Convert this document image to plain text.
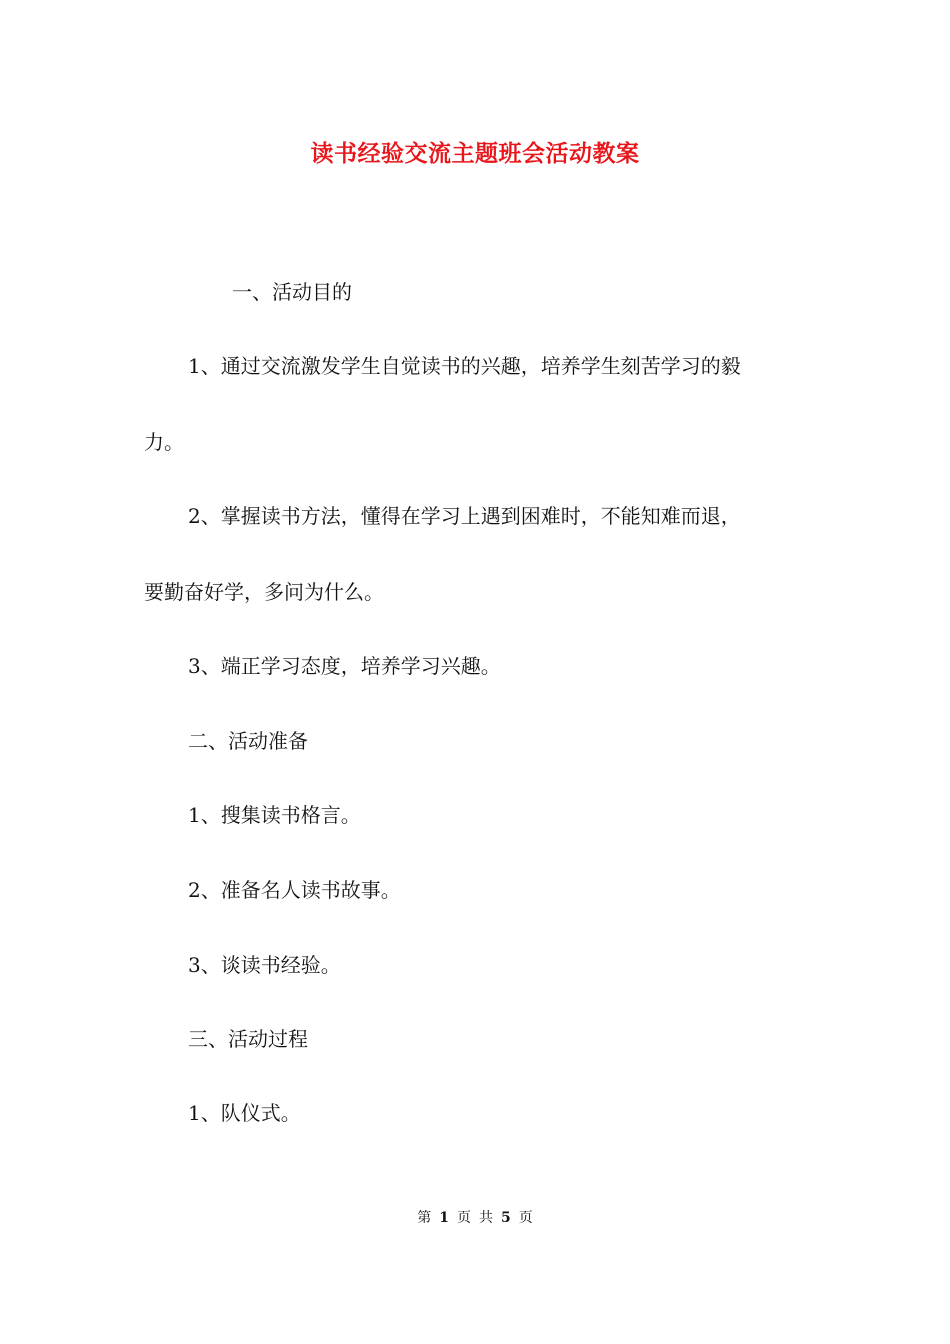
读书经验交流主题班会活动教案
一、活动目的
1、通过交流激发学生自觉读书的兴趣，培养学生刻苦学习的毅
力。
2、掌握读书方法，懂得在学习上遇到困难时，不能知难而退，
要勤奋好学，多问为什么。
3、端正学习态度，培养学习兴趣。
二、活动准备
1、搜集读书格言。
2、准备名人读书故事。
3、谈读书经验。
三、活动过程
1、队仪式。
第 1 页 共 5 页
